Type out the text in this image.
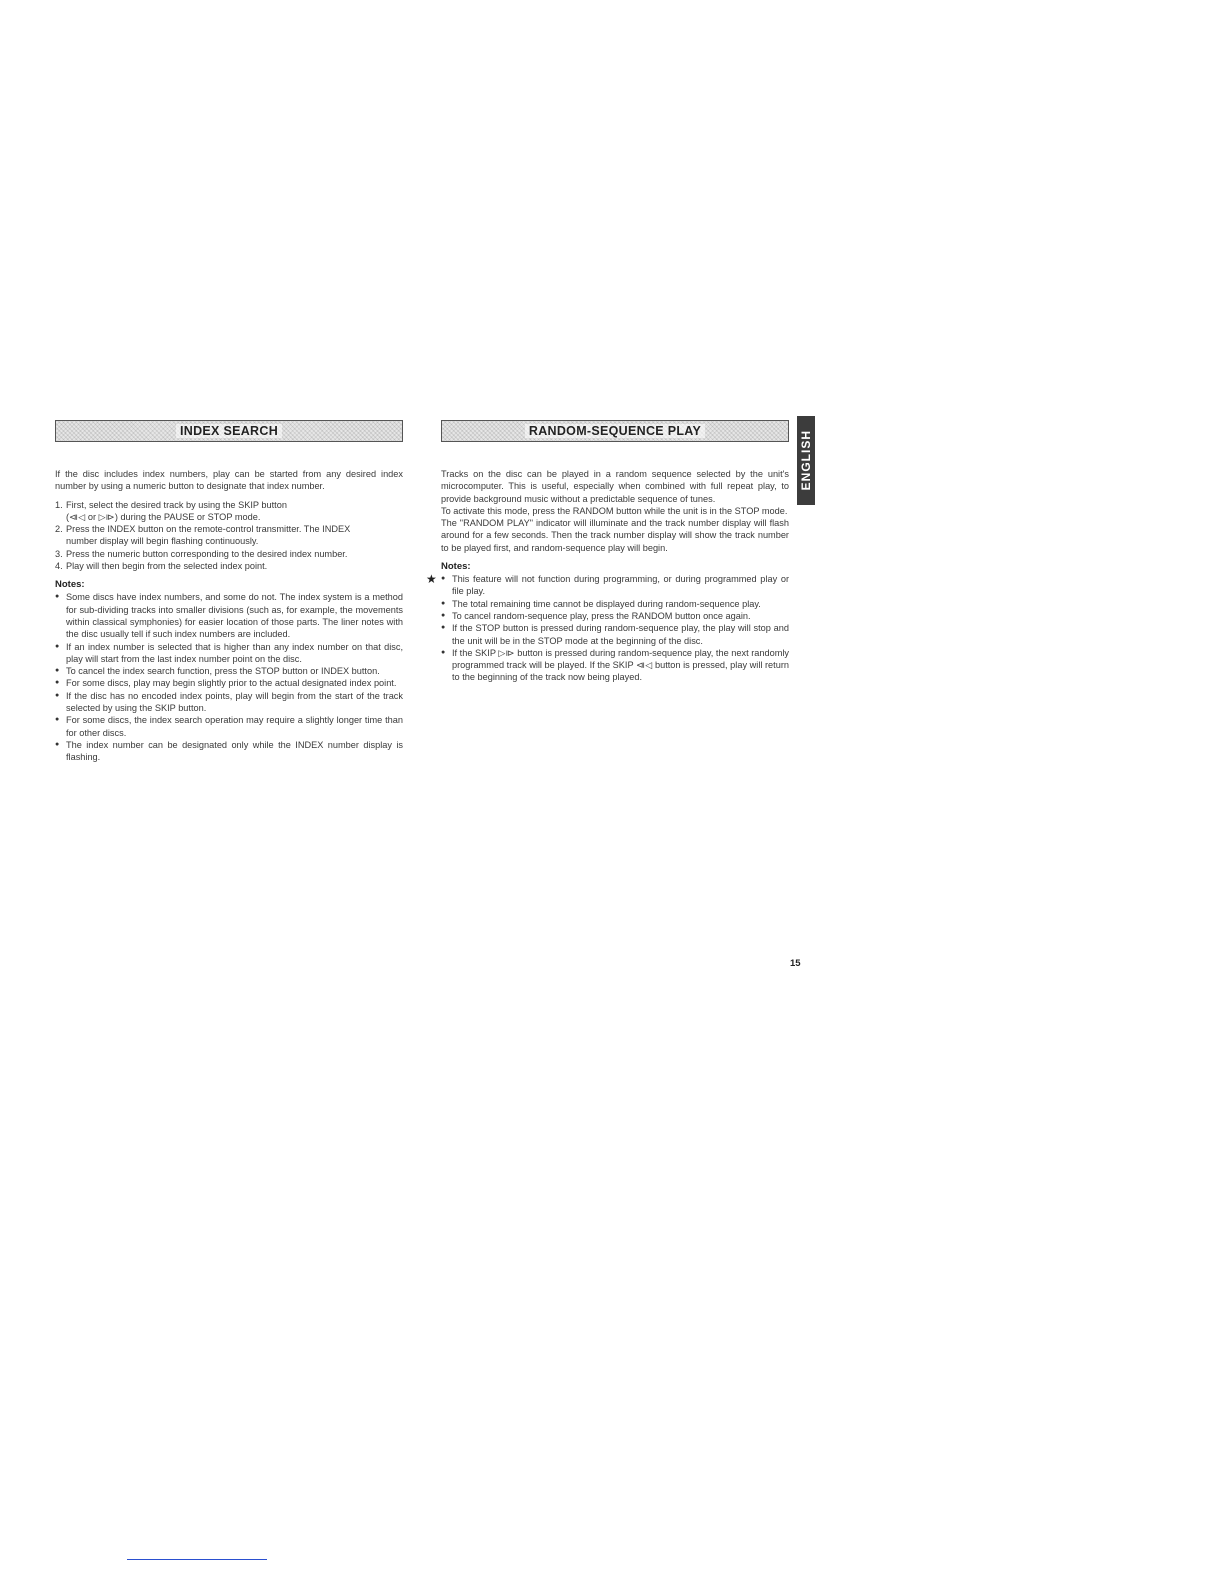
INDEX SEARCH

If the disc includes index numbers, play can be started from any desired index number by using a numeric button to designate that index number.

1. First, select the desired track by using the SKIP button
(⧏◁ or ▷⧐) during the PAUSE or STOP mode.
2. Press the INDEX button on the remote-control transmitter. The INDEX
number display will begin flashing continuously.
3. Press the numeric button corresponding to the desired index number.
4. Play will then begin from the selected index point.
Notes:
● Some discs have index numbers, and some do not. The index system is a method for sub-dividing tracks into smaller divisions (such as, for example, the movements within classical symphonies) for easier location of those parts. The liner notes with the disc usually tell if such index numbers are included.
● If an index number is selected that is higher than any index number on that disc, play will start from the last index number point on the disc.
● To cancel the index search function, press the STOP button or INDEX button.
● For some discs, play may begin slightly prior to the actual designated index point.
● If the disc has no encoded index points, play will begin from the start of the track selected by using the SKIP button.
● For some discs, the index search operation may require a slightly longer time than for other discs.
● The index number can be designated only while the INDEX number display is flashing.
RANDOM-SEQUENCE PLAY

Tracks on the disc can be played in a random sequence selected by the unit's microcomputer. This is useful, especially when combined with full repeat play, to provide background music without a predictable sequence of tunes.

To activate this mode, press the RANDOM button while the unit is in the STOP mode.

The "RANDOM PLAY" indicator will illuminate and the track number display will flash around for a few seconds. Then the track number display will show the track number to be played first, and random-sequence play will begin.

Notes:
★ ● This feature will not function during programming, or during programmed play or file play.
● The total remaining time cannot be displayed during random-sequence play.
● To cancel random-sequence play, press the RANDOM button once again.
● If the STOP button is pressed during random-sequence play, the play will stop and the unit will be in the STOP mode at the beginning of the disc.
● If the SKIP ▷⧐ button is pressed during random-sequence play, the next randomly programmed track will be played. If the SKIP ⧏◁ button is pressed, play will return to the beginning of the track now being played.
ENGLISH
15
